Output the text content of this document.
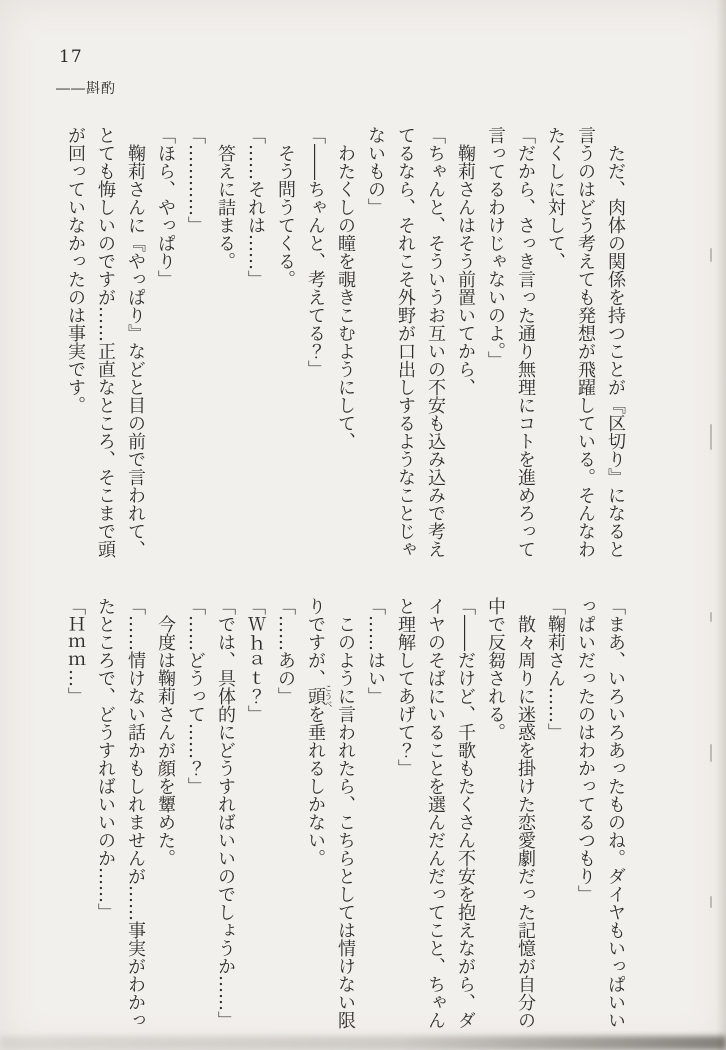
17
――斟酌

ただ、肉体の関係を持つことが『区切り』になると言うのはどう考えても発想が飛躍している。そんなわたくしに対して、

「だから、さっき言った通り無理にコトを進めろって言ってるわけじゃないのよ。」

鞠莉さんはそう前置いてから、

「ちゃんと、そういうお互いの不安も込み込みで考えてるなら、それこそ外野が口出しするようなことじゃないもの」

わたくしの瞳を覗きこむようにして、

「――ちゃんと、考えてる？」

そう問うてくる。

「……それは……」

答えに詰まる。

「…………」

「ほら、やっぱり」

鞠莉さんに『やっぱり』などと目の前で言われて、とても悔しいのですが……正直なところ、そこまで頭が回っていなかったのは事実です。

「まあ、いろいろあったものね。ダイヤもいっぱいいっぱいだったのはわかってるつもり」

「鞠莉さん……」

散々周りに迷惑を掛けた恋愛劇だった記憶が自分の中で反芻される。

「――だけど、千歌もたくさん不安を抱えながら、ダイヤのそばにいることを選んだんだってこと、ちゃんと理解してあげて？」

「……はい」

このように言われたら、こちらとしては情けない限りですが、頭こうべを垂れるしかない。

「……あの」

「Ｗｈａｔ？」

「では、具体的にどうすればいいのでしょうか……」

「……どうって……？」

今度は鞠莉さんが顔を顰めた。

「……情けない話かもしれませんが……事実がわかったところで、どうすればいいのか……」

「Ｈｍｍ…」
